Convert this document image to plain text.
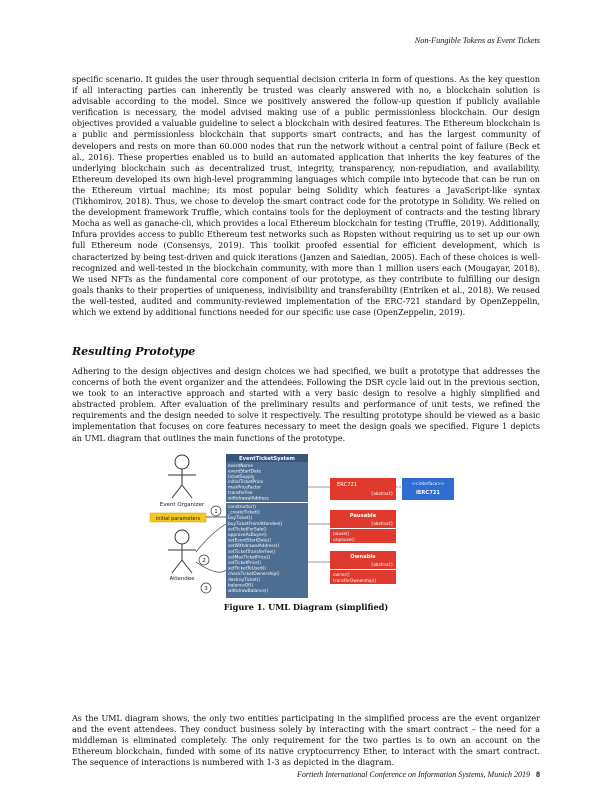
Non-Fungible Tokens as Event Tickets

specific scenario. It guides the user through sequential decision criteria in form of questions. As the key question if all interacting parties can inherently be trusted was clearly answered with no, a blockchain solution is advisable according to the model. Since we positively answered the follow-up question if publicly available verification is necessary, the model advised making use of a public permissionless blockchain. Our design objectives provided a valuable guideline to select a blockchain with desired features. The Ethereum blockchain is a public and permissionless blockchain that supports smart contracts, and has the largest community of developers and rests on more than 60.000 nodes that run the network without a central point of failure (Beck et al., 2016). These properties enabled us to build an automated application that inherits the key features of the underlying blockchain such as decentralized trust, integrity, transparency, non-repudiation, and availability. Ethereum developed its own high-level programming languages which compile into bytecode that can be run on the Ethereum virtual machine; its most popular being Solidity which features a JavaScript-like syntax (Tikhomirov, 2018). Thus, we chose to develop the smart contract code for the prototype in Solidity. We relied on the development framework Truffle, which contains tools for the deployment of contracts and the testing library Mocha as well as ganache-cli, which provides a local Ethereum blockchain for testing (Truffle, 2019). Additionally, Infura provides access to public Ethereum test networks such as Ropsten without requiring us to set up our own full Ethereum node (Consensys, 2019). This toolkit proofed essential for efficient development, which is characterized by being test-driven and quick iterations (Janzen and Saiedian, 2005). Each of these choices is well-recognized and well-tested in the blockchain community, with more than 1 million users each (Mougayar, 2018). We used NFTs as the fundamental core component of our prototype, as they contribute to fulfilling our design goals thanks to their properties of uniqueness, indivisibility and transferability (Entriken et al., 2018). We reused the well-tested, audited and community-reviewed implementation of the ERC-721 standard by OpenZeppelin, which we extend by additional functions needed for our specific use case (OpenZeppelin, 2019).

Resulting Prototype

Adhering to the design objectives and design choices we had specified, we built a prototype that addresses the concerns of both the event organizer and the attendees. Following the DSR cycle laid out in the previous section, we took to an interactive approach and started with a very basic design to resolve a highly simplified and abstracted problem. After evaluation of the preliminary results and performance of unit tests, we refined the requirements and the design needed to solve it respectively. The resulting prototype should be viewed as a basic implementation that focuses on core features necessary to meet the design goals we specified. Figure 1 depicts an UML diagram that outlines the main functions of the prototype.

Event Organizer
initial parameters
Attendee
1
2
3
EventTicketSystem
eventName
eventStartDate
ticketSupply
initialTicketPrice
maxPriceFactor
transferFee
withdrawalAddress
constructor()
_createTicket()
buyTicket()
buyTicketFromAttendee()
setTicketForSale()
approveAsBuyer()
setEventStartDate()
setWithdrawalAddress()
setTicketTransferFee()
setMaxTicketPrice()
setTicketPrice()
setTicketToUsed()
checkTicketOwnership()
destroyTicket()
balanceOf()
withdrawBalance()
ERC721
{abstract}
<<interface>>
IERC721
Pausable
{abstract}
pause()
unpause()
Ownable
{abstract}
owner()
transferOwnership()
Figure 1. UML Diagram (simplified)

As the UML diagram shows, the only two entities participating in the simplified process are the event organizer and the event attendees. They conduct business solely by interacting with the smart contract – the need for a middleman is eliminated completely. The only requirement for the two parties is to own an account on the Ethereum blockchain, funded with some of its native cryptocurrency Ether, to interact with the smart contract. The sequence of interactions is numbered with 1-3 as depicted in the diagram.

Fortieth International Conference on Information Systems, Munich 2019 8
